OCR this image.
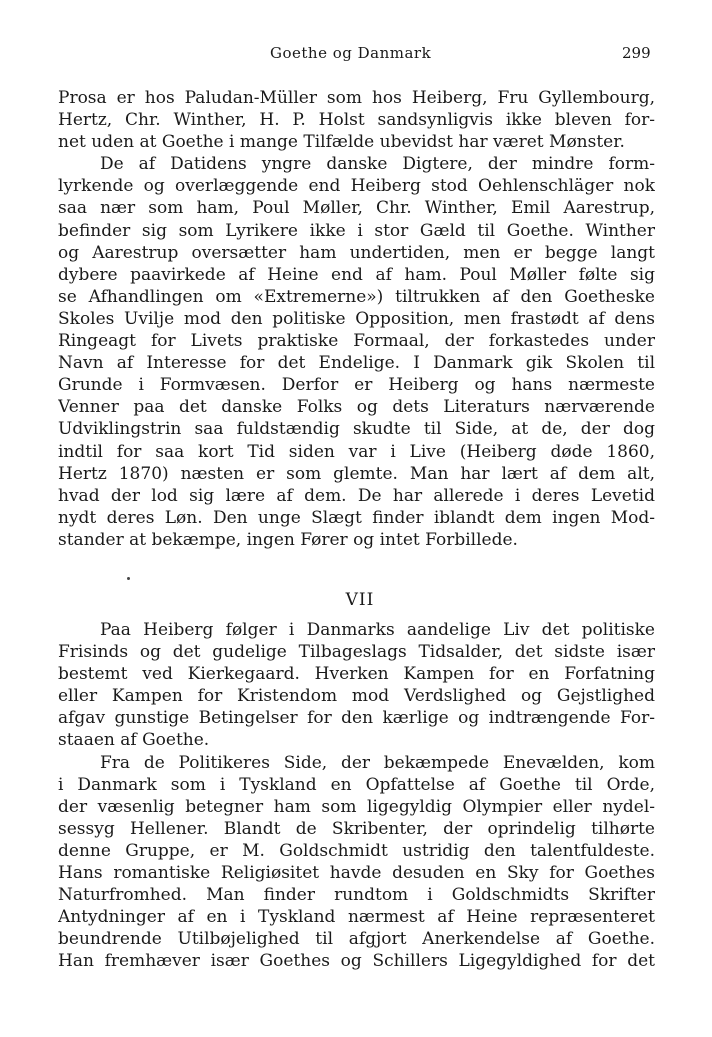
Goethe og Danmark	299
Prosa er hos Paludan-Müller som hos Heiberg, Fru Gyllembourg,
Hertz, Chr. Winther, H. P. Holst sandsynligvis ikke bleven for-
net uden at Goethe i mange Tilfælde ubevidst har været Mønster.
De af Datidens yngre danske Digtere, der mindre form-
lyrkende og overlæggende end Heiberg stod Oehlenschläger nok
saa nær som ham, Poul Møller, Chr. Winther, Emil Aarestrup,
befinder sig som Lyrikere ikke i stor Gæld til Goethe. Winther
og Aarestrup oversætter ham undertiden, men er begge langt
dybere paavirkede af Heine end af ham. Poul Møller følte sig
se Afhandlingen om «Extremerne») tiltrukken af den Goetheske
Skoles Uvilje mod den politiske Opposition, men frastødt af dens
Ringeagt for Livets praktiske Formaal, der forkastedes under
Navn af Interesse for det Endelige. I Danmark gik Skolen til
Grunde i Formvæsen. Derfor er Heiberg og hans nærmeste
Venner paa det danske Folks og dets Literaturs nærværende
Udviklingstrin saa fuldstændig skudte til Side, at de, der dog
indtil for saa kort Tid siden var i Live (Heiberg døde 1860,
Hertz 1870) næsten er som glemte. Man har lært af dem alt,
hvad der lod sig lære af dem. De har allerede i deres Levetid
nydt deres Løn. Den unge Slægt finder iblandt dem ingen Mod-
stander at bekæmpe, ingen Fører og intet Forbillede.
VII
Paa Heiberg følger i Danmarks aandelige Liv det politiske
Frisinds og det gudelige Tilbageslags Tidsalder, det sidste især
bestemt ved Kierkegaard. Hverken Kampen for en Forfatning
eller Kampen for Kristendom mod Verdslighed og Gejstlighed
afgav gunstige Betingelser for den kærlige og indtrængende For-
staaen af Goethe.
Fra de Politikeres Side, der bekæmpede Enevælden, kom
i Danmark som i Tyskland en Opfattelse af Goethe til Orde,
der væsenlig betegner ham som ligegyldig Olympier eller nydel-
sessyg Hellener. Blandt de Skribenter, der oprindelig tilhørte
denne Gruppe, er M. Goldschmidt ustridig den talentfuldeste.
Hans romantiske Religiøsitet havde desuden en Sky for Goethes
Naturfromhed. Man finder rundtom i Goldschmidts Skrifter
Antydninger af en i Tyskland nærmest af Heine repræsenteret
beundrende Utilbøjelighed til afgjort Anerkendelse af Goethe.
Han fremhæver især Goethes og Schillers Ligegyldighed for det
